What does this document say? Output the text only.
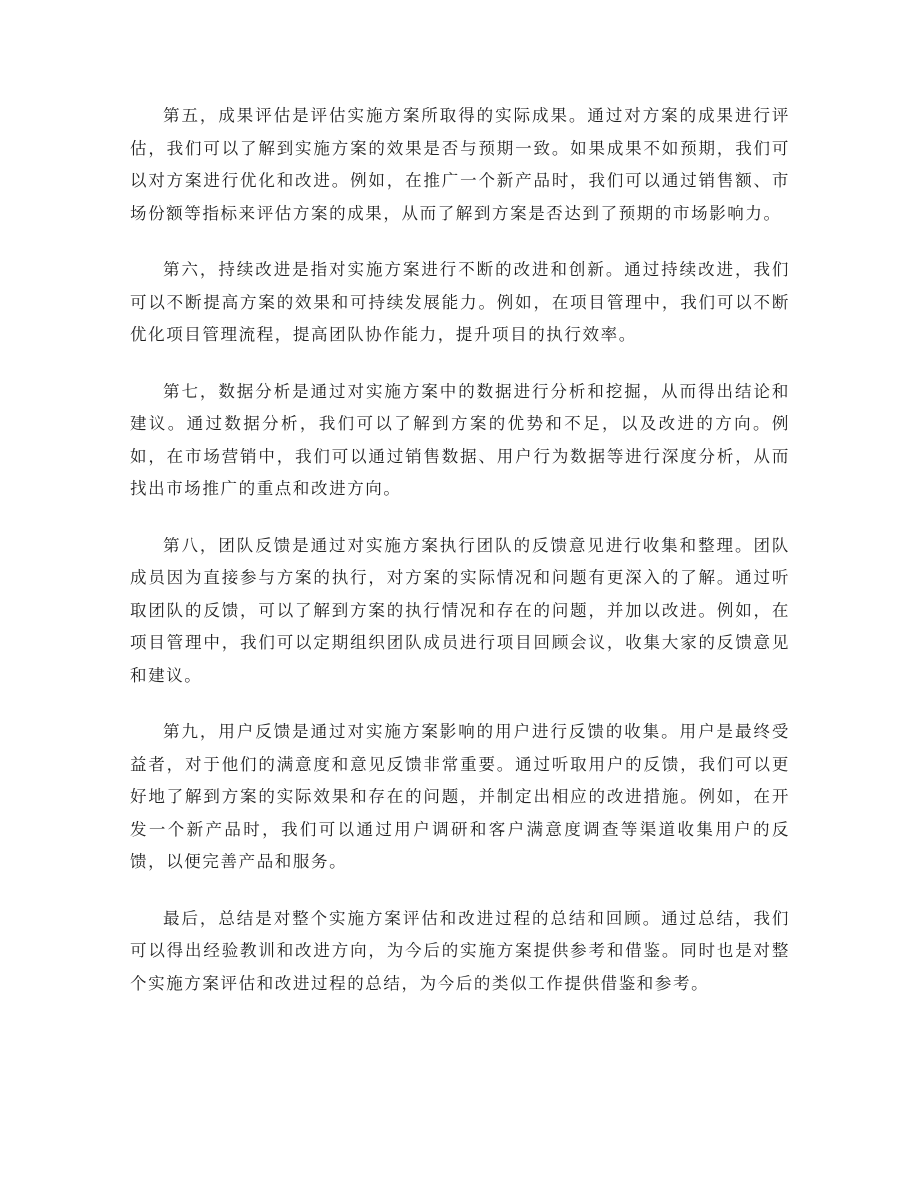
第五，成果评估是评估实施方案所取得的实际成果。通过对方案的成果进行评估，我们可以了解到实施方案的效果是否与预期一致。如果成果不如预期，我们可以对方案进行优化和改进。例如，在推广一个新产品时，我们可以通过销售额、市场份额等指标来评估方案的成果，从而了解到方案是否达到了预期的市场影响力。

第六，持续改进是指对实施方案进行不断的改进和创新。通过持续改进，我们可以不断提高方案的效果和可持续发展能力。例如，在项目管理中，我们可以不断优化项目管理流程，提高团队协作能力，提升项目的执行效率。

第七，数据分析是通过对实施方案中的数据进行分析和挖掘，从而得出结论和建议。通过数据分析，我们可以了解到方案的优势和不足，以及改进的方向。例如，在市场营销中，我们可以通过销售数据、用户行为数据等进行深度分析，从而找出市场推广的重点和改进方向。

第八，团队反馈是通过对实施方案执行团队的反馈意见进行收集和整理。团队成员因为直接参与方案的执行，对方案的实际情况和问题有更深入的了解。通过听取团队的反馈，可以了解到方案的执行情况和存在的问题，并加以改进。例如，在项目管理中，我们可以定期组织团队成员进行项目回顾会议，收集大家的反馈意见和建议。

第九，用户反馈是通过对实施方案影响的用户进行反馈的收集。用户是最终受益者，对于他们的满意度和意见反馈非常重要。通过听取用户的反馈，我们可以更好地了解到方案的实际效果和存在的问题，并制定出相应的改进措施。例如，在开发一个新产品时，我们可以通过用户调研和客户满意度调查等渠道收集用户的反馈，以便完善产品和服务。

最后，总结是对整个实施方案评估和改进过程的总结和回顾。通过总结，我们可以得出经验教训和改进方向，为今后的实施方案提供参考和借鉴。同时也是对整个实施方案评估和改进过程的总结，为今后的类似工作提供借鉴和参考。
